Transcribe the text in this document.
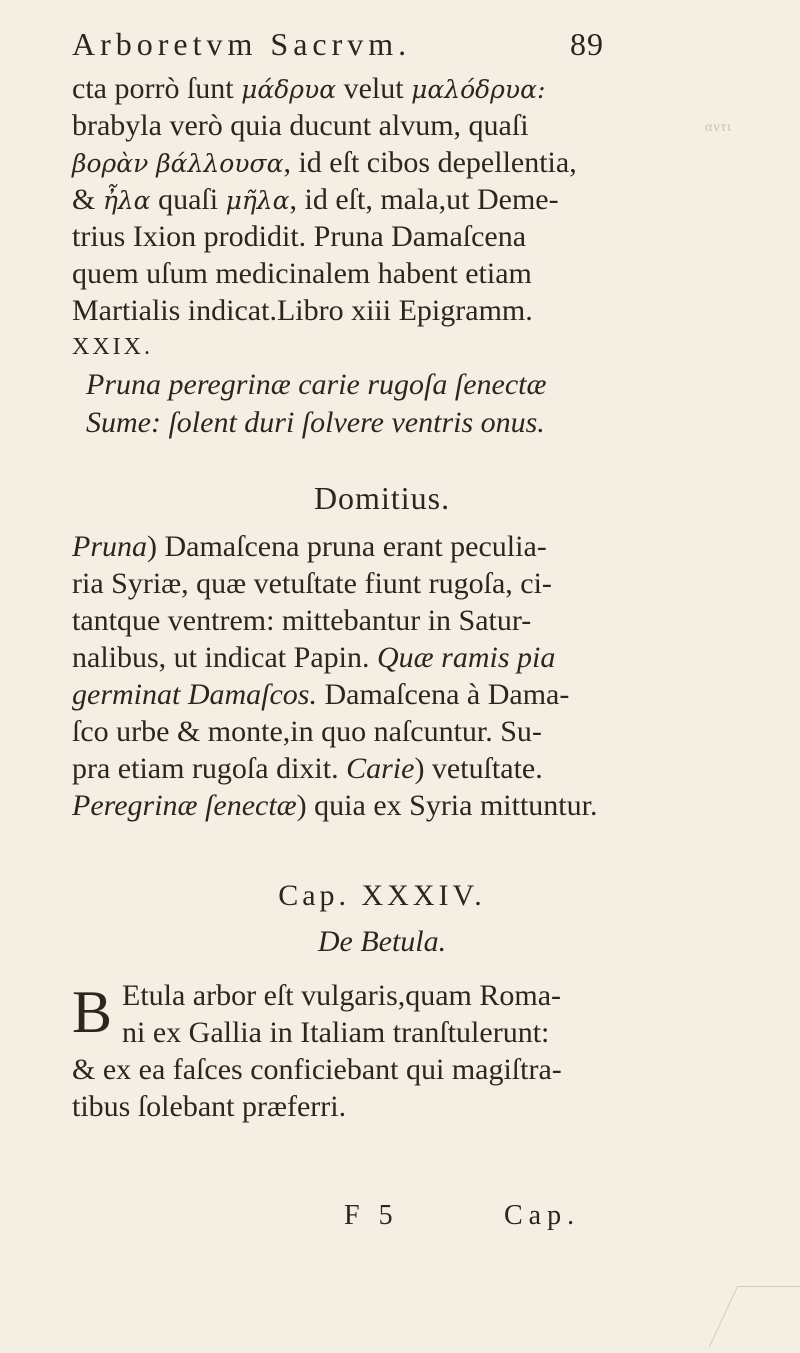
Arboretvm Sacrvm.	89
αντι
cta porrò ſunt μάδρυα velut μαλόδρυα:
brabyla verò quia ducunt alvum, quaſi
βορὰν βάλλουσα, id eſt cibos depellentia,
& ἦλα quaſi μῆλα, id eſt, mala,ut Deme-
trius Ixion prodidit. Pruna Damaſcena
quem uſum medicinalem habent etiam
Martialis indicat.Libro xiii Epigramm.
XXIX.
Pruna peregrinæ carie rugoſa ſenectæ
Sume: ſolent duri ſolvere ventris onus.
Domitius.
Pruna) Damaſcena pruna erant peculia-
ria Syriæ, quæ vetuſtate fiunt rugoſa, ci-
tantque ventrem: mittebantur in Satur-
nalibus, ut indicat Papin. Quæ ramis pia
germinat Damaſcos. Damaſcena à Dama-
ſco urbe & monte,in quo naſcuntur. Su-
pra etiam rugoſa dixit. Carie) vetuſtate.
Peregrinæ ſenectæ) quia ex Syria mittuntur.
Cap. XXXIV.
De Betula.
B Etula arbor eſt vulgaris,quam Roma-
ni ex Gallia in Italiam tranſtulerunt:
& ex ea faſces conficiebant qui magiſtra-
tibus ſolebant præferri.
F 5	Cap.
